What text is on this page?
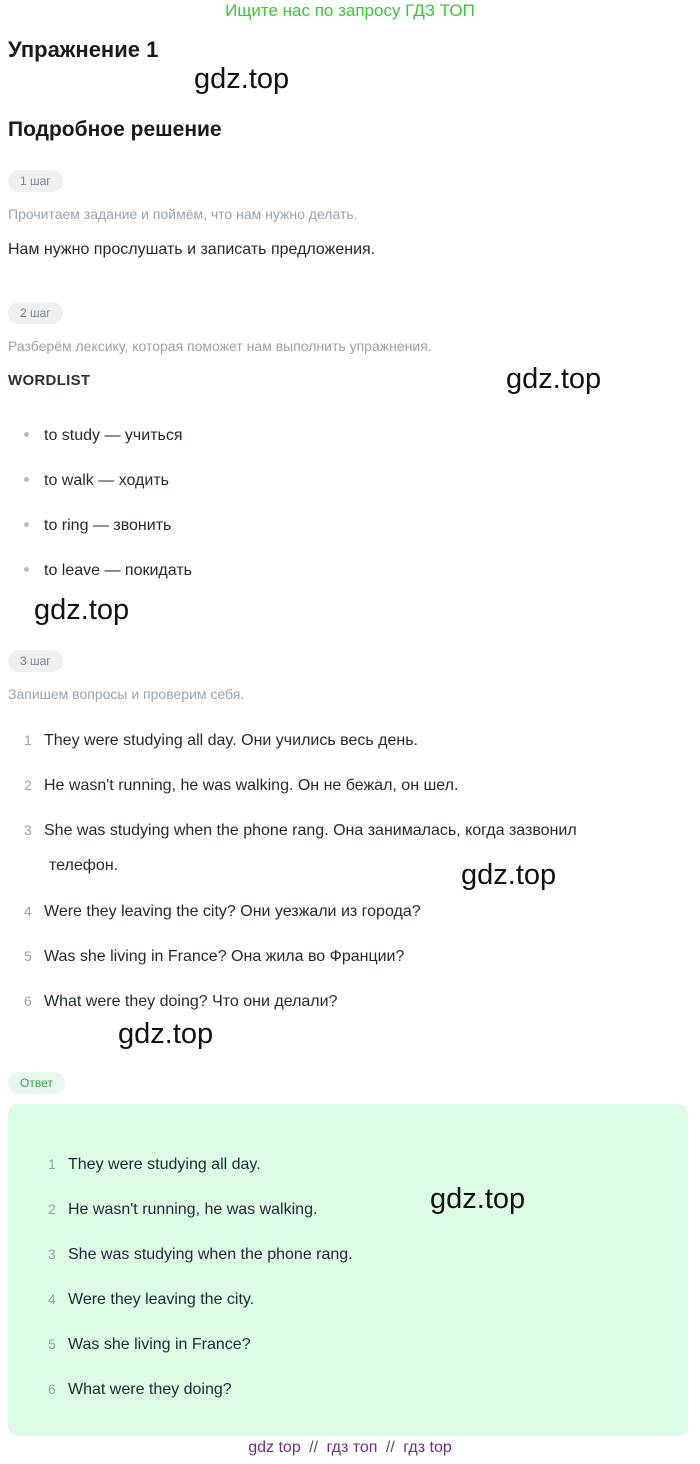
Ищите нас по запросу ГДЗ ТОП
Упражнение 1
gdz.top
Подробное решение
1 шаг
Прочитаем задание и поймём, что нам нужно делать.
Нам нужно прослушать и записать предложения.
2 шаг
Разберём лексику, которая поможет нам выполнить упражнения.
WORDLIST	gdz.top
to study — учиться
to walk — ходить
to ring — звонить
to leave — покидать
gdz.top
3 шаг
Запишем вопросы и проверим себя.
1 They were studying all day. Они учились весь день.
2 He wasn't running, he was walking. Он не бежал, он шел.
3 She was studying when the phone rang. Она занималась, когда зазвонил
телефон.	gdz.top
4 Were they leaving the city? Они уезжали из города?
5 Was she living in France? Она жила во Франции?
6 What were they doing? Что они делали?
gdz.top
Ответ
1 They were studying all day.
gdz.top
2 He wasn't running, he was walking.
3 She was studying when the phone rang.
4 Were they leaving the city.
5 Was she living in France?
6 What were they doing?
gdz top // гдз топ // гдз top
